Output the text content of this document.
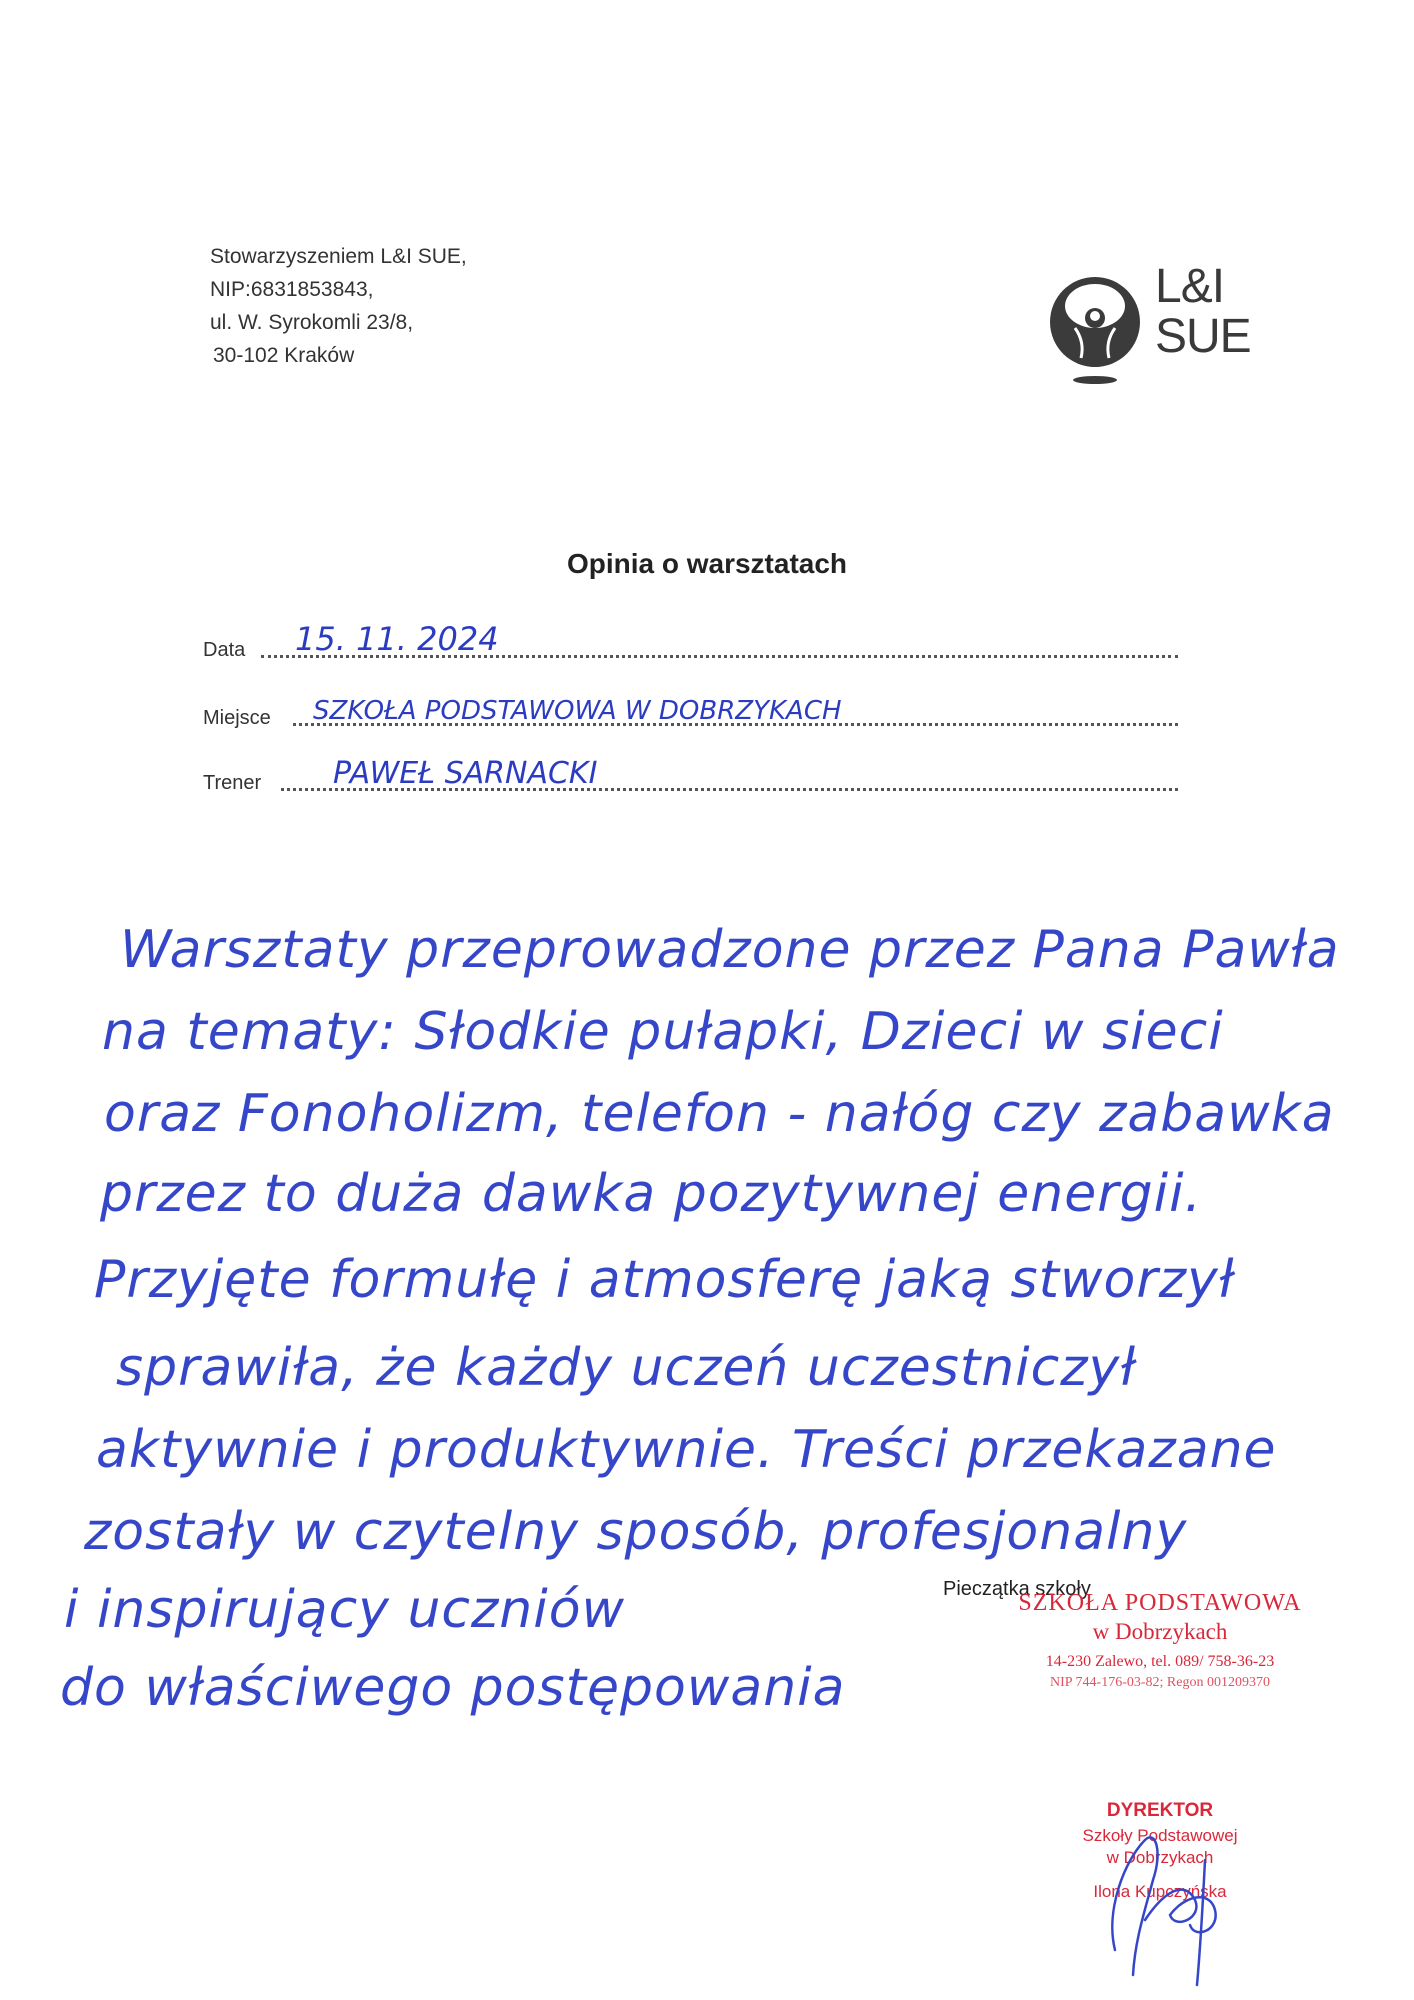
Stowarzyszeniem L&I SUE,
NIP:6831853843,
ul. W. Syrokomli 23/8,
30-102 Kraków
L&I
SUE
Opinia o warsztatach
Data 15. 11. 2024
Miejsce SZKOŁA PODSTAWOWA W DOBRZYKACH
Trener PAWEŁ SARNACKI
Warsztaty przeprowadzone przez Pana Pawła
na tematy: Słodkie pułapki, Dzieci w sieci
oraz Fonoholizm, telefon - nałóg czy zabawka
przez to duża dawka pozytywnej energii.
Przyjęte formułę i atmosferę jaką stworzył
sprawiła, że każdy uczeń uczestniczył
aktywnie i produktywnie. Treści przekazane
zostały w czytelny sposób, profesjonalny
i inspirujący uczniów
do właściwego postępowania
Pieczątka szkoły
SZKOŁA PODSTAWOWA
w Dobrzykach
14-230 Zalewo, tel. 089/ 758-36-23
NIP 744-176-03-82; Regon 001209370
DYREKTOR
Szkoły Podstawowej
w Dobrzykach
Ilona Kupczyńska
